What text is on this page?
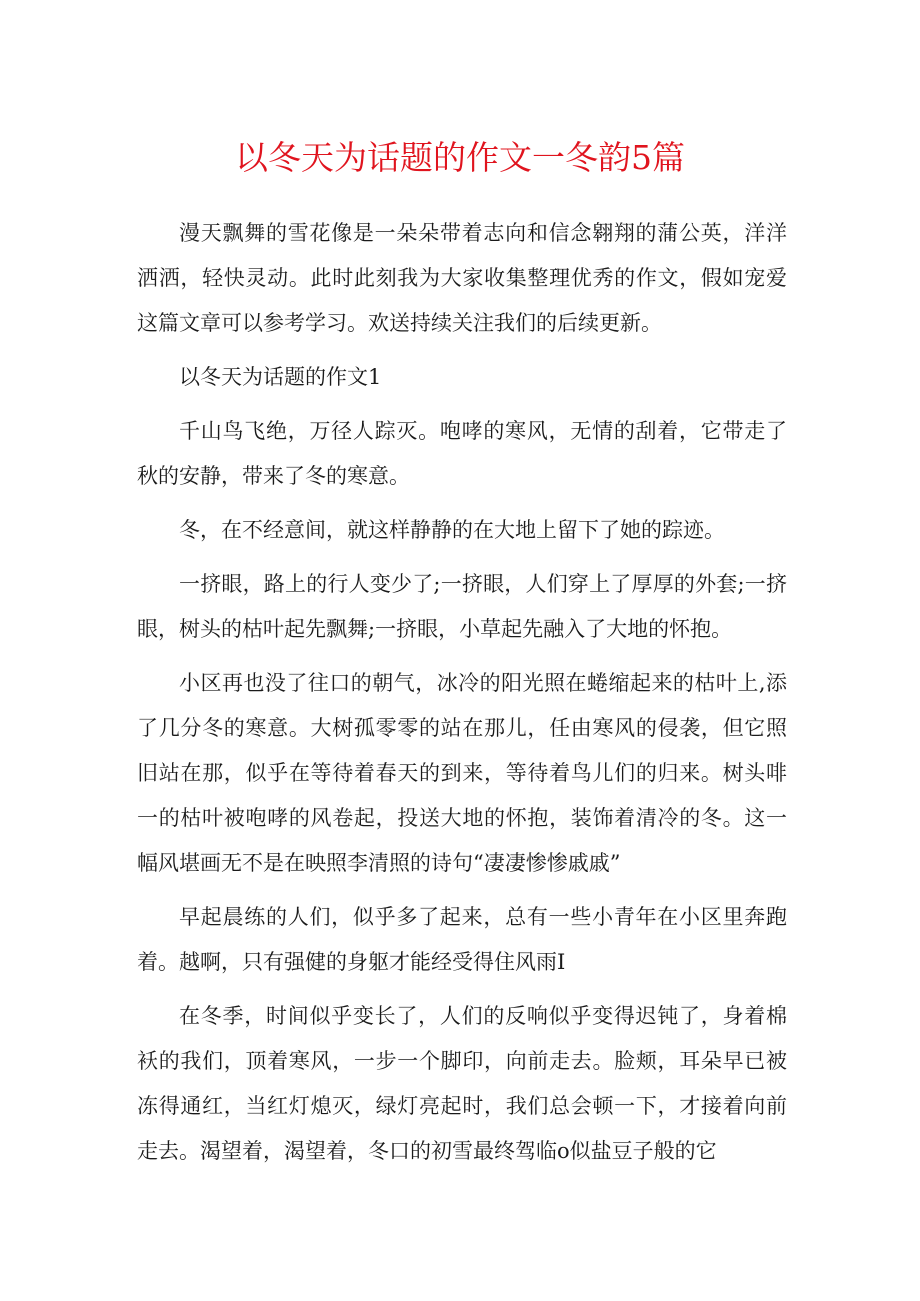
以冬天为话题的作文一冬韵5篇

漫天飘舞的雪花像是一朵朵带着志向和信念翱翔的蒲公英，洋洋洒洒，轻快灵动。此时此刻我为大家收集整理优秀的作文，假如宠爱这篇文章可以参考学习。欢送持续关注我们的后续更新。

以冬天为话题的作文1

千山鸟飞绝，万径人踪灭。咆哮的寒风，无情的刮着，它带走了秋的安静，带来了冬的寒意。

冬，在不经意间，就这样静静的在大地上留下了她的踪迹。

一挤眼，路上的行人变少了;一挤眼，人们穿上了厚厚的外套;一挤眼，树头的枯叶起先飘舞;一挤眼，小草起先融入了大地的怀抱。

小区再也没了往口的朝气，冰冷的阳光照在蜷缩起来的枯叶上,添了几分冬的寒意。大树孤零零的站在那儿，任由寒风的侵袭，但它照旧站在那，似乎在等待着春天的到来，等待着鸟儿们的归来。树头啡一的枯叶被咆哮的风卷起，投送大地的怀抱，装饰着清冷的冬。这一幅风堪画无不是在映照李清照的诗句“凄凄惨惨戚戚”

早起晨练的人们，似乎多了起来，总有一些小青年在小区里奔跑着。越啊，只有强健的身躯才能经受得住风雨I

在冬季，时间似乎变长了，人们的反响似乎变得迟钝了，身着棉袄的我们，顶着寒风，一步一个脚印，向前走去。脸颊，耳朵早已被冻得通红，当红灯熄灭，绿灯亮起时，我们总会顿一下，才接着向前走去。渴望着，渴望着，冬口的初雪最终驾临o似盐豆子般的它
